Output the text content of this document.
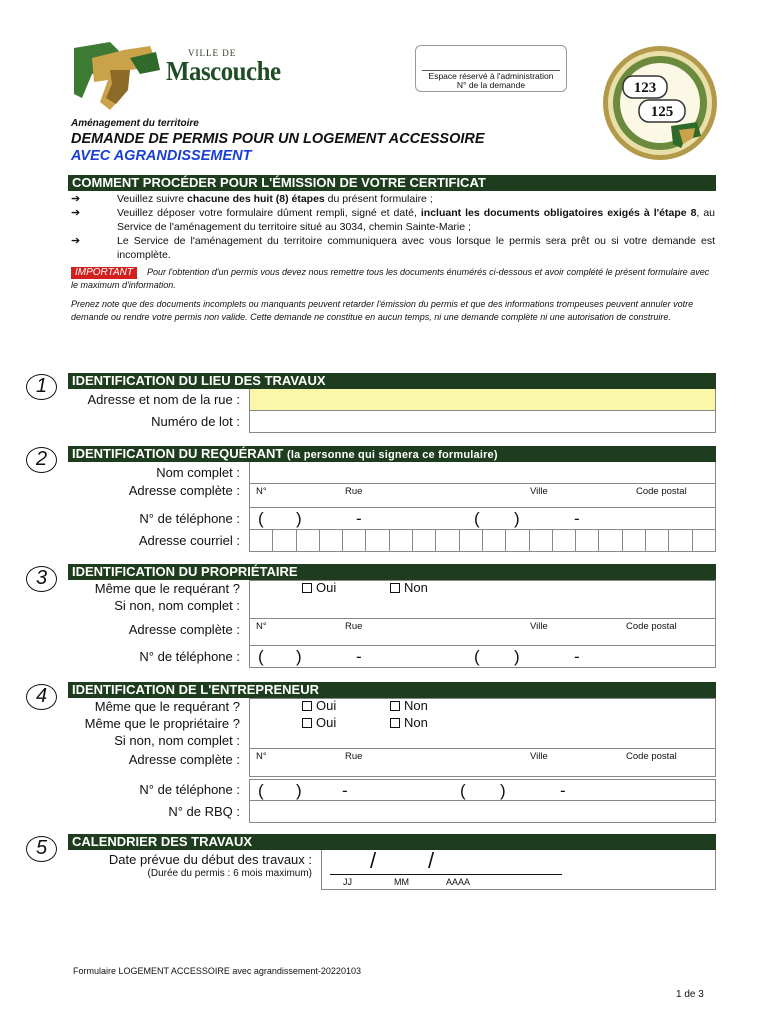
VILLE DE
Mascouche	Espace réservé à l'administration
N° de la demande	123
125
Aménagement du territoire
DEMANDE DE PERMIS POUR UN LOGEMENT ACCESSOIRE
AVEC AGRANDISSEMENT
COMMENT PROCÉDER POUR L'ÉMISSION DE VOTRE CERTIFICAT
➔	Veuillez suivre chacune des huit (8) étapes du présent formulaire ;
➔	Veuillez déposer votre formulaire dûment rempli, signé et daté, incluant les documents obligatoires exigés à l'étape 8, au Service de l'aménagement du territoire situé au 3034, chemin Sainte-Marie ;
➔	Le Service de l'aménagement du territoire communiquera avec vous lorsque le permis sera prêt ou si votre demande est incomplète.
IMPORTANT Pour l'obtention d'un permis vous devez nous remettre tous les documents énumérés ci-dessous et avoir complété le présent formulaire avec le maximum d'information.
Prenez note que des documents incomplets ou manquants peuvent retarder l'émission du permis et que des informations trompeuses peuvent annuler votre demande ou rendre votre permis non valide. Cette demande ne constitue en aucun temps, ni une demande complète ni une autorisation de construire.
1	IDENTIFICATION DU LIEU DES TRAVAUX
Adresse et nom de la rue :
Numéro de lot :
2	IDENTIFICATION DU REQUÉRANT (la personne qui signera ce formulaire)
Nom complet :
Adresse complète :	N°	Rue	Ville	Code postal
N° de téléphone :	( )	-	( )	-
Adresse courriel :
3	IDENTIFICATION DU PROPRIÉTAIRE
Même que le requérant ?	Oui	Non
Si non, nom complet :
Adresse complète :	N°	Rue	Ville	Code postal
N° de téléphone :	( )	-	( )	-
4	IDENTIFICATION DE L'ENTREPRENEUR
Même que le requérant ?	Oui	Non
Même que le propriétaire ?	Oui	Non
Si non, nom complet :
Adresse complète :	N°	Rue	Ville	Code postal
N° de téléphone :	( ) -	( )	-
N° de RBQ :
5	CALENDRIER DES TRAVAUX
Date prévue du début des travaux :
(Durée du permis : 6 mois maximum)
/ /
JJ	MM	AAAA
Formulaire LOGEMENT ACCESSOIRE avec agrandissement-20220103
1 de 3
